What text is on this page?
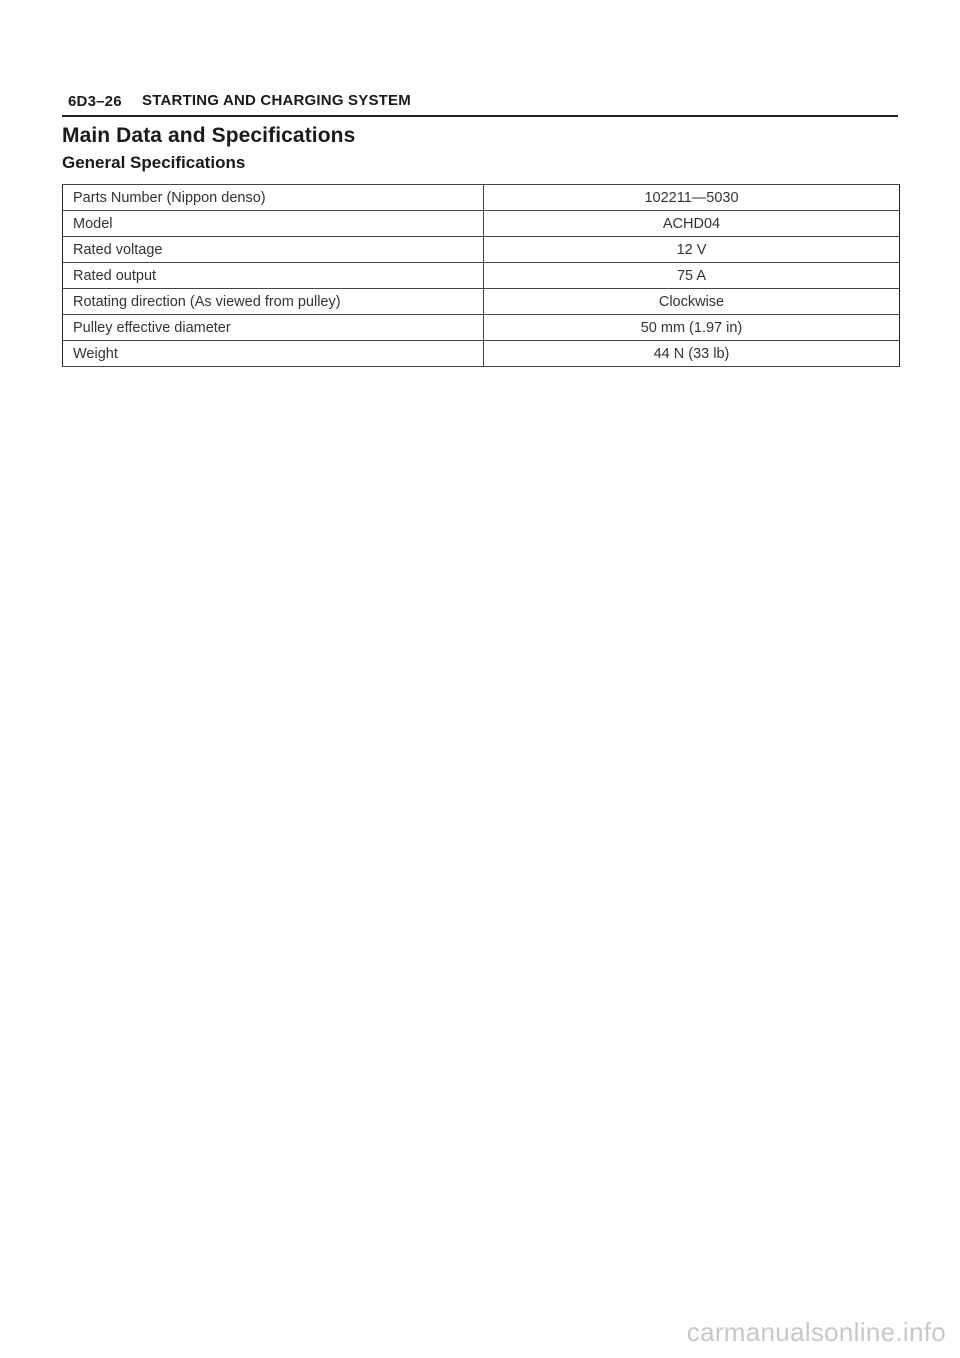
6D3–26 STARTING AND CHARGING SYSTEM
Main Data and Specifications
General Specifications
Parts Number (Nippon denso)	102211—5030
Model	ACHD04
Rated voltage	12 V
Rated output	75 A
Rotating direction (As viewed from pulley)	Clockwise
Pulley effective diameter	50 mm (1.97 in)
Weight	44 N (33 lb)
carmanualsonline.info
